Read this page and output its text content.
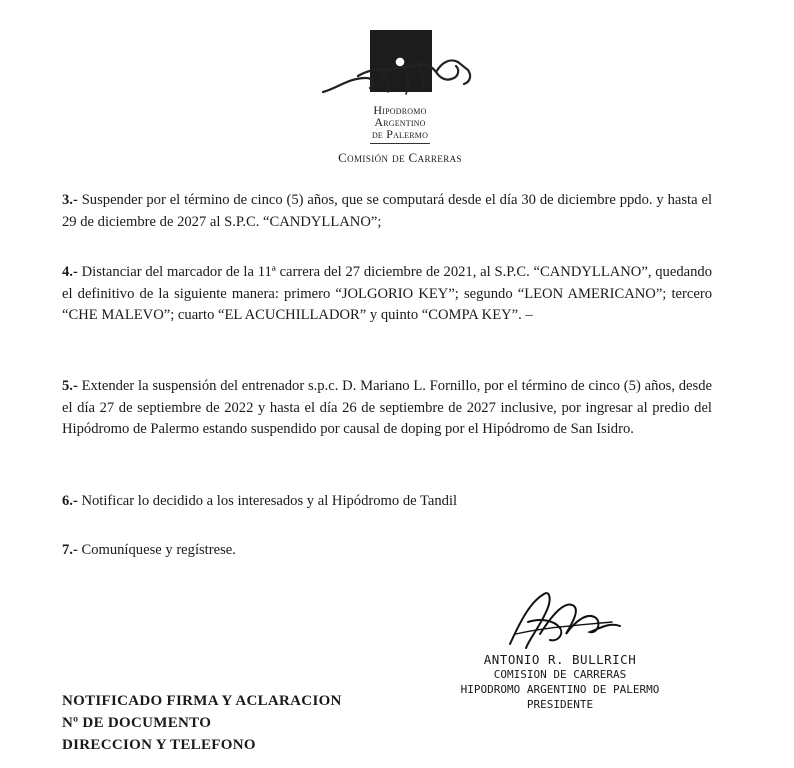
Hipodromo
Argentino
de Palermo
Comisión de Carreras
3.- Suspender por el término de cinco (5) años, que se computará desde el día 30 de diciembre ppdo. y hasta el 29 de diciembre de 2027 al S.P.C. “CANDYLLANO”;
4.- Distanciar del marcador de la 11ª carrera del 27 diciembre de 2021, al S.P.C. “CANDYLLANO”, quedando el definitivo de la siguiente manera: primero “JOLGORIO KEY”; segundo “LEON AMERICANO”; tercero “CHE MALEVO”; cuarto “EL ACUCHILLADOR” y quinto “COMPA KEY”. –
5.- Extender la suspensión del entrenador s.p.c. D. Mariano L. Fornillo, por el término de cinco (5) años, desde el día 27 de septiembre de 2022 y hasta el día 26 de septiembre de 2027 inclusive, por ingresar al predio del Hipódromo de Palermo estando suspendido por causal de doping por el Hipódromo de San Isidro.
6.- Notificar lo decidido a los interesados y al Hipódromo de Tandil
7.- Comuníquese y regístrese.
ANTONIO R. BULLRICH
COMISION DE CARRERAS
HIPODROMO ARGENTINO DE PALERMO
PRESIDENTE
NOTIFICADO FIRMA Y ACLARACION
Nº DE DOCUMENTO
DIRECCION Y TELEFONO
